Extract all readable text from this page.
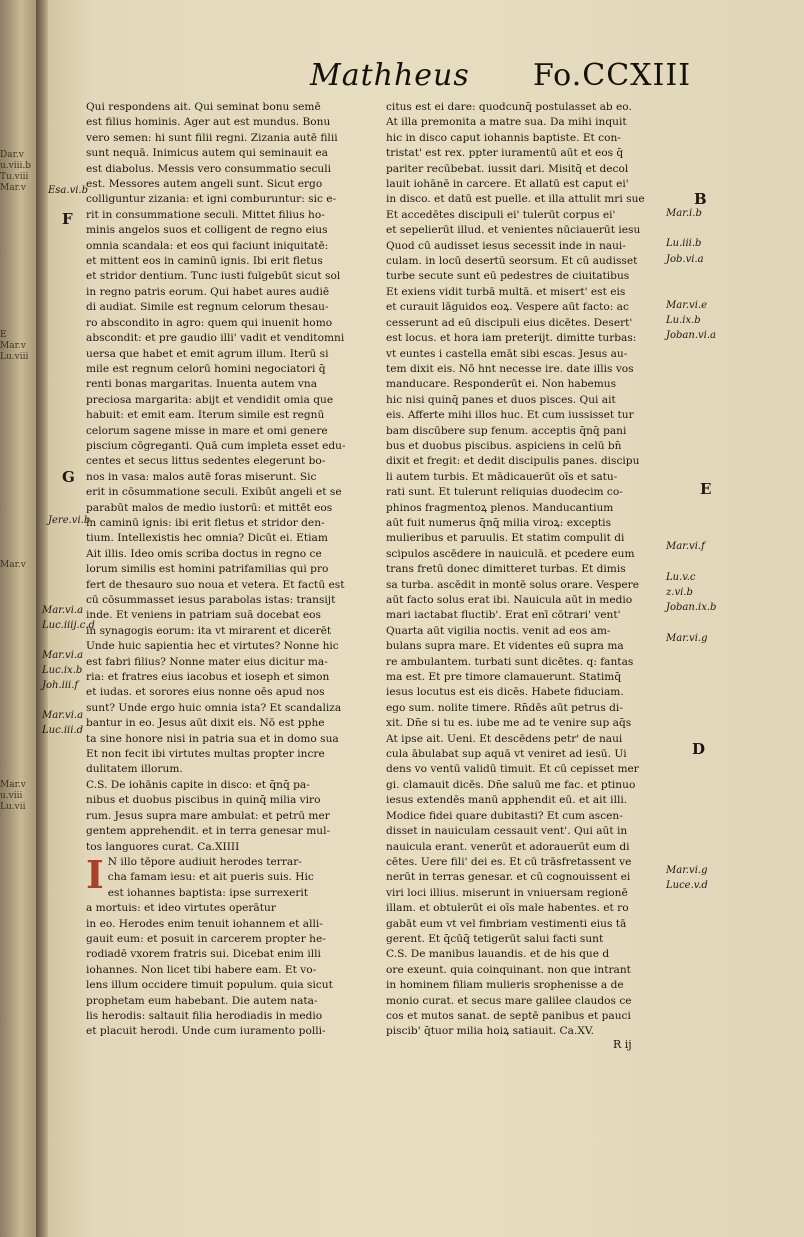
Dar.v
u.viii.b
Tu.viii
Mar.v
E
Mar.v
Lu.viii
Mar.v
Mar.v
u.viii
Lu.vii
Mathheus Fo.CCXIII
Qui respondens ait. Qui seminat bonu semē
est filius hominis. Ager aut est mundus. Bonu
vero semen: hi sunt filii regni. Zizania autē filii
sunt nequā. Inimicus autem qui seminauit ea
est diabolus. Messis vero consummatio seculi
est. Messores autem angeli sunt. Sicut ergo
colliguntur zizania: et igni comburuntur: sic e-
rit in consummatione seculi. Mittet filius ho-
minis angelos suos et colligent de regno eius
omnia scandala: et eos qui faciunt iniquitatē:
et mittent eos in caminū ignis. Ibi erit fletus
et stridor dentium. Tunc iusti fulgebūt sicut sol
in regno patris eorum. Qui habet aures audiē
di audiat. Simile est regnum celorum thesau-
ro abscondito in agro: quem qui inuenit homo
abscondit: et pre gaudio illi' vadit et venditomni
uersa que habet et emit agrum illum. Iterū si
mile est regnum celorū homini negociatori q̄
renti bonas margaritas. Inuenta autem vna
preciosa margarita: abijt et vendidit omia que
habuit: et emit eam. Iterum simile est regnū
celorum sagene misse in mare et omi genere
piscium cōgreganti. Quā cum impleta esset edu-
centes et secus littus sedentes elegerunt bo-
nos in vasa: malos autē foras miserunt. Sic
erit in cōsummatione seculi. Exibūt angeli et se
parabūt malos de medio iustorū: et mittēt eos
in caminū ignis: ibi erit fletus et stridor den-
tium. Intellexistis hec omnia? Dicūt ei. Etiam
Ait illis. Ideo omis scriba doctus in regno ce
lorum similis est homini patrifamilias qui pro
fert de thesauro suo noua et vetera. Et factū est
cū cōsummasset iesus parabolas istas: transijt
inde. Et veniens in patriam suā docebat eos
in synagogis eorum: ita vt mirarent et dicerēt
Unde huic sapientia hec et virtutes? Nonne hic
est fabri filius? Nonne mater eius dicitur ma-
ria: et fratres eius iacobus et ioseph et simon
et iudas. et sorores eius nonne oēs apud nos
sunt? Unde ergo huic omnia ista? Et scandaliza
bantur in eo. Jesus aūt dixit eis. Nō est pphe
ta sine honore nisi in patria sua et in domo sua
Et non fecit ibi virtutes multas propter incre
dulitatem illorum.
C.S. De iohānis capite in disco: et q̄nq̄ pa-
nibus et duobus piscibus in quinq̄ milia viro
rum. Jesus supra mare ambulat: et petrū mer
gentem apprehendit. et in terra genesar mul-
tos languores curat. Ca.XIIII
I N illo tēpore audiuit herodes terrar-
cha famam iesu: et ait pueris suis. Hic
est iohannes baptista: ipse surrexerit
a mortuis: et ideo virtutes operātur
in eo. Herodes enim tenuit iohannem et alli-
gauit eum: et posuit in carcerem propter he-
rodiadē vxorem fratris sui. Dicebat enim illi
iohannes. Non licet tibi habere eam. Et vo-
lens illum occidere timuit populum. quia sicut
prophetam eum habebant. Die autem nata-
lis herodis: saltauit filia herodiadis in medio
et placuit herodi. Unde cum iuramento polli-
citus est ei dare: quodcunq̄ postulasset ab eo.
At illa premonita a matre sua. Da mihi inquit
hic in disco caput iohannis baptiste. Et con-
tristat' est rex. ppter iuramentū aūt et eos q̄
pariter recūbebat. iussit dari. Misitq̄ et decol
lauit iohānē in carcere. Et allatū est caput ei'
in disco. et datū est puelle. et illa attulit mri sue
Et accedētes discipuli ei' tulerūt corpus ei'
et sepelierūt illud. et venientes nūciauerūt iesu
Quod cū audisset iesus secessit inde in naui-
culam. in locū desertū seorsum. Et cū audisset
turbe secute sunt eū pedestres de ciuitatibus
Et exiens vidit turbā multā. et misert' est eis
et curauit lāguidos eoꝝ. Vespere aūt facto: ac
cesserunt ad eū discipuli eius dicētes. Desert'
est locus. et hora iam preterijt. dimitte turbas:
vt euntes i castella emāt sibi escas. Jesus au-
tem dixit eis. Nō hnt necesse ire. date illis vos
manducare. Responderūt ei. Non habemus
hic nisi quinq̄ panes et duos pisces. Qui ait
eis. Afferte mihi illos huc. Et cum iussisset tur
bam discūbere sup fenum. acceptis q̄nq̄ pani
bus et duobus piscibus. aspiciens in celū bn̄
dixit et fregit: et dedit discipulis panes. discipu
li autem turbis. Et mādicauerūt oīs et satu-
rati sunt. Et tulerunt reliquias duodecim co-
phinos fragmentoꝝ plenos. Manducantium
aūt fuit numerus q̄nq̄ milia viroꝝ: exceptis
mulieribus et paruulis. Et statim compulit di
scipulos ascēdere in nauiculā. et pcedere eum
trans fretū donec dimitteret turbas. Et dimis
sa turba. ascēdit in montē solus orare. Vespere
aūt facto solus erat ibi. Nauicula aūt in medio
mari iactabat fluctib'. Erat enī cōtrari' vent'
Quarta aūt vigilia noctis. venit ad eos am-
bulans supra mare. Et videntes eū supra ma
re ambulantem. turbati sunt dicētes. q: fantas
ma est. Et pre timore clamauerunt. Statimq̄
iesus locutus est eis dicēs. Habete fiduciam.
ego sum. nolite timere. Rn̄dēs aūt petrus di-
xit. Dn̄e si tu es. iube me ad te venire sup aq̄s
At ipse ait. Ueni. Et descēdens petr' de naui
cula ābulabat sup aquā vt veniret ad iesū. Ui
dens vo ventū validū timuit. Et cū cepisset mer
gi. clamauit dicēs. Dn̄e saluū me fac. et ptinuo
iesus extendēs manū apphendit eū. et ait illi.
Modice fidei quare dubitasti? Et cum ascen-
disset in nauiculam cessauit vent'. Qui aūt in
nauicula erant. venerūt et adorauerūt eum di
cētes. Uere fili' dei es. Et cū trāsfretassent ve
nerūt in terras genesar. et cū cognouissent ei
viri loci illius. miserunt in vniuersam regionē
illam. et obtulerūt ei oīs male habentes. et ro
gabāt eum vt vel fimbriam vestimenti eius tā
gerent. Et q̄cūq̄ tetigerūt salui facti sunt
C.S. De manibus lauandis. et de his que d
ore exeunt. quia coinquinant. non que intrant
in hominem filiam mulieris srophenisse a de
monio curat. et secus mare galilee claudos ce
cos et mutos sanat. de septē panibus et pauci
piscib' q̄tuor milia hoiꝝ satiauit. Ca.XV.
Esa.vi.b
F
Jere.vi.b
G
Mar.vi.a
Luc.iiij.c.d
Mar.vi.a
Luc.ix.b
Joh.iii.f
Mar.vi.a
Luc.iii.d
B
Mar.i.b
Lu.iii.b
Job.vi.a
Mar.vi.e
Lu.ix.b
Joban.vi.a
E
Mar.vi.f
Lu.v.c
z.vi.b
Joban.ix.b
Mar.vi.g
D
Mar.vi.g
Luce.v.d
R ij
